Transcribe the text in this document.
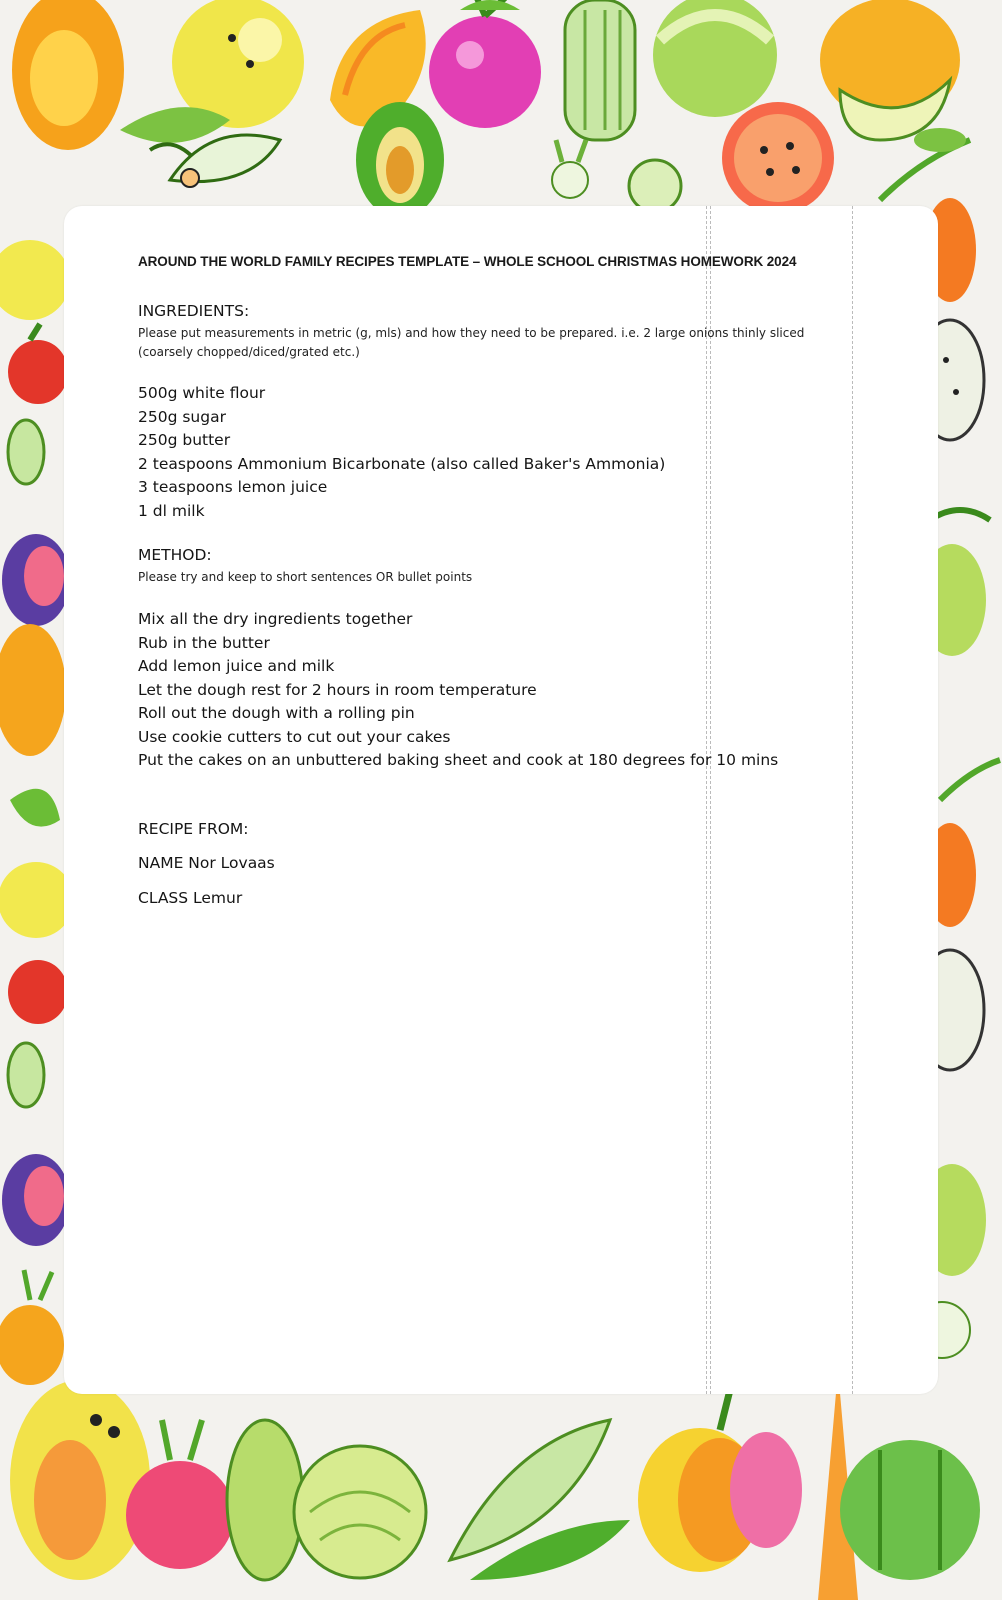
AROUND THE WORLD FAMILY RECIPES TEMPLATE – WHOLE SCHOOL CHRISTMAS HOMEWORK 2024
INGREDIENTS:
Please put measurements in metric (g, mls) and how they need to be prepared. i.e. 2 large onions thinly sliced
(coarsely chopped/diced/grated etc.)
500g white flour
250g sugar
250g butter
2 teaspoons Ammonium Bicarbonate (also called Baker's Ammonia)
3 teaspoons lemon juice
1 dl milk
METHOD:
Please try and keep to short sentences OR bullet points
Mix all the dry ingredients together
Rub in the butter
Add lemon juice and milk
Let the dough rest for 2 hours in room temperature
Roll out the dough with a rolling pin
Use cookie cutters to cut out your cakes
Put the cakes on an unbuttered baking sheet and cook at 180 degrees for 10 mins
RECIPE FROM:
NAME Nor Lovaas
CLASS Lemur
